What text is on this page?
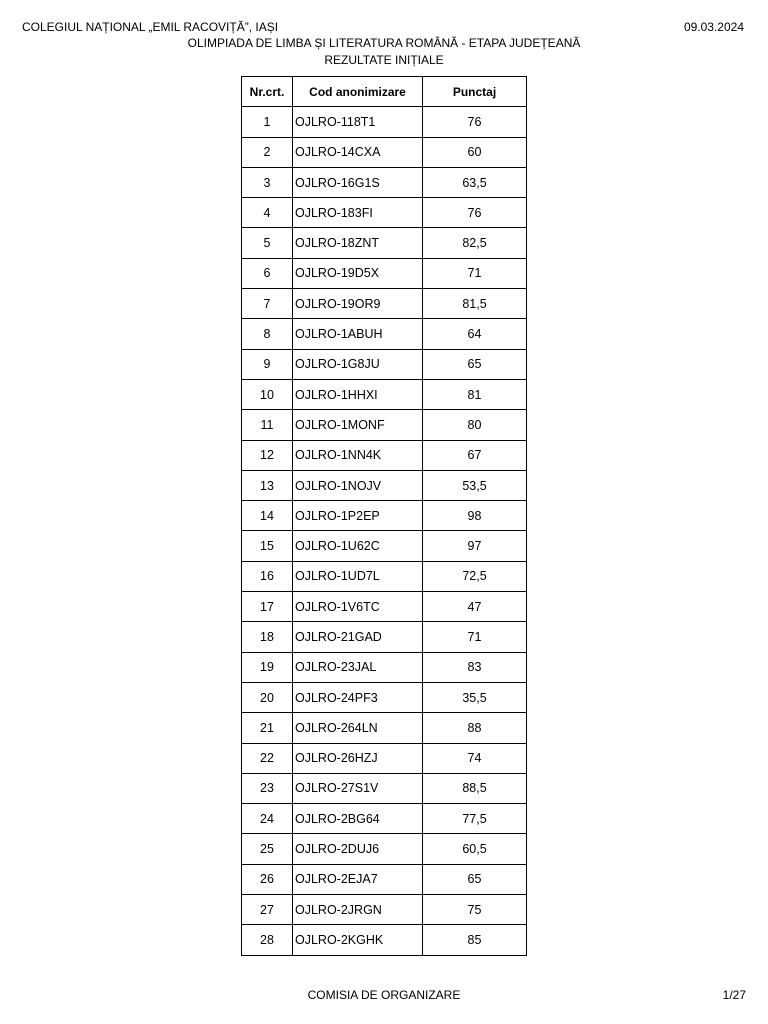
COLEGIUL NAȚIONAL „EMIL RACOVIȚĂ”, IAȘI	09.03.2024
OLIMPIADA DE LIMBA ȘI LITERATURA ROMÂNĂ - ETAPA JUDEȚEANĂ
REZULTATE INIȚIALE
Nr.crt.	Cod anonimizare	Punctaj
1	OJLRO-118T1	76
2	OJLRO-14CXA	60
3	OJLRO-16G1S	63,5
4	OJLRO-183FI	76
5	OJLRO-18ZNT	82,5
6	OJLRO-19D5X	71
7	OJLRO-19OR9	81,5
8	OJLRO-1ABUH	64
9	OJLRO-1G8JU	65
10	OJLRO-1HHXI	81
11	OJLRO-1MONF	80
12	OJLRO-1NN4K	67
13	OJLRO-1NOJV	53,5
14	OJLRO-1P2EP	98
15	OJLRO-1U62C	97
16	OJLRO-1UD7L	72,5
17	OJLRO-1V6TC	47
18	OJLRO-21GAD	71
19	OJLRO-23JAL	83
20	OJLRO-24PF3	35,5
21	OJLRO-264LN	88
22	OJLRO-26HZJ	74
23	OJLRO-27S1V	88,5
24	OJLRO-2BG64	77,5
25	OJLRO-2DUJ6	60,5
26	OJLRO-2EJA7	65
27	OJLRO-2JRGN	75
28	OJLRO-2KGHK	85
COMISIA DE ORGANIZARE	1/27
